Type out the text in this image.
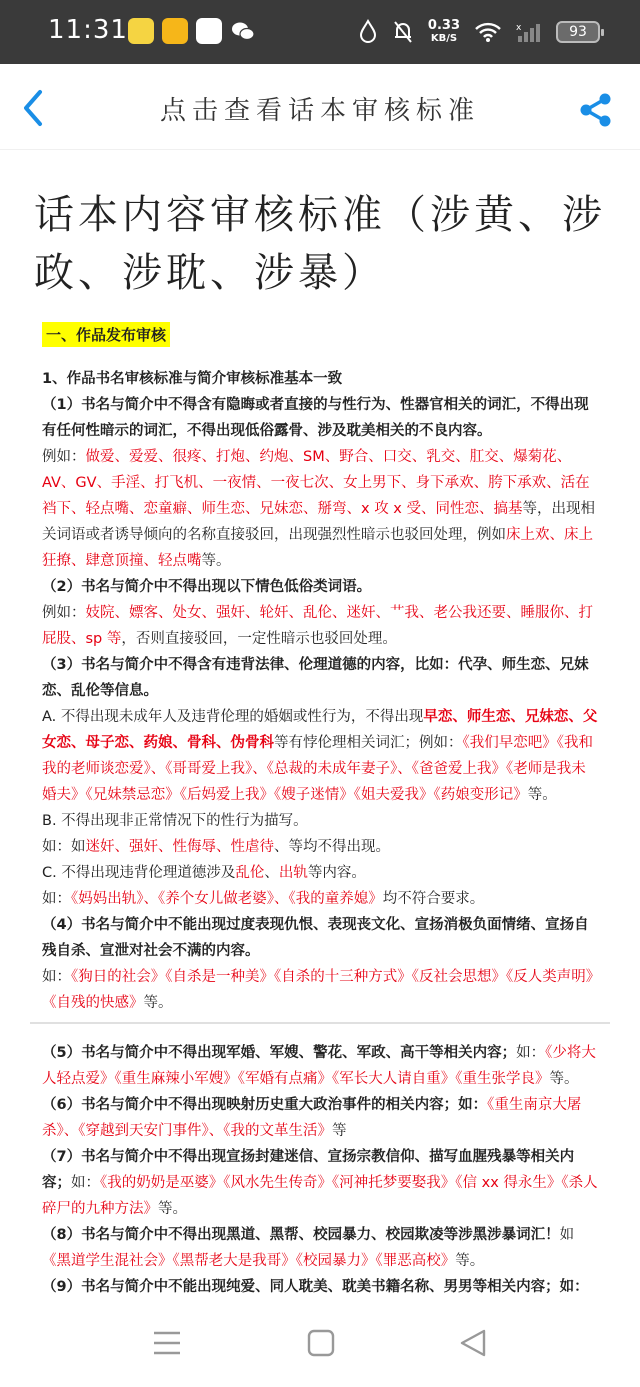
11:31	0.33
KB/S
x	93
点击查看话本审核标准
话本内容审核标准（涉黄、涉政、涉耽、涉暴）
一、作品发布审核

1、作品书名审核标准与简介审核标准基本一致

（1）书名与简介中不得含有隐晦或者直接的与性行为、性器官相关的词汇，不得出现有任何性暗示的词汇，不得出现低俗露骨、涉及耽美相关的不良内容。

例如：做爱、爱爱、很疼、打炮、约炮、SM、野合、口交、乳交、肛交、爆菊花、AV、GV、手淫、打飞机、一夜情、一夜七次、女上男下、身下承欢、胯下承欢、活在裆下、轻点嘴、恋童癖、师生恋、兄妹恋、掰弯、x 攻 x 受、同性恋、搞基等，出现相关词语或者诱导倾向的名称直接驳回，出现强烈性暗示也驳回处理，例如床上欢、床上狂撩、肆意顶撞、轻点嘴等。

（2）书名与简介中不得出现以下情色低俗类词语。

例如：妓院、嫖客、处女、强奸、轮奸、乱伦、迷奸、艹我、老公我还要、睡服你、打屁股、sp 等，否则直接驳回，一定性暗示也驳回处理。

（3）书名与简介中不得含有违背法律、伦理道德的内容，比如：代孕、师生恋、兄妹恋、乱伦等信息。

A. 不得出现未成年人及违背伦理的婚姻或性行为，不得出现早恋、师生恋、兄妹恋、父女恋、母子恋、药娘、骨科、伪骨科等有悖伦理相关词汇；例如：《我们早恋吧》《我和我的老师谈恋爱》、《哥哥爱上我》、《总裁的未成年妻子》、《爸爸爱上我》《老师是我未婚夫》《兄妹禁忌恋》《后妈爱上我》《嫂子迷情》《姐夫爱我》《药娘变形记》等。

B. 不得出现非正常情况下的性行为描写。

如：如迷奸、强奸、性侮辱、性虐待、等均不得出现。

C. 不得出现违背伦理道德涉及乱伦、出轨等内容。

如：《妈妈出轨》、《养个女儿做老婆》、《我的童养媳》均不符合要求。

（4）书名与简介中不能出现过度表现仇恨、表现丧文化、宣扬消极负面情绪、宣扬自残自杀、宣泄对社会不满的内容。

如：《狗日的社会》《自杀是一种美》《自杀的十三种方式》《反社会思想》《反人类声明》《自残的快感》等。

（5）书名与简介中不得出现军婚、军嫂、警花、军政、高干等相关内容；如：《少将大人轻点爱》《重生麻辣小军嫂》《军婚有点痛》《军长大人请自重》《重生张学良》等。

（6）书名与简介中不得出现映射历史重大政治事件的相关内容；如：《重生南京大屠杀》、《穿越到天安门事件》、《我的文革生活》等

（7）书名与简介中不得出现宣扬封建迷信、宣扬宗教信仰、描写血腥残暴等相关内容；如：《我的奶奶是巫婆》《风水先生传奇》《河神托梦要娶我》《信 xx 得永生》《杀人碎尸的九种方法》等。

（8）书名与简介中不得出现黑道、黑帮、校园暴力、校园欺凌等涉黑涉暴词汇！如《黑道学生混社会》《黑帮老大是我哥》《校园暴力》《罪恶高校》等。

（9）书名与简介中不能出现纯爱、同人耽美、耽美书籍名称、男男等相关内容；如：
